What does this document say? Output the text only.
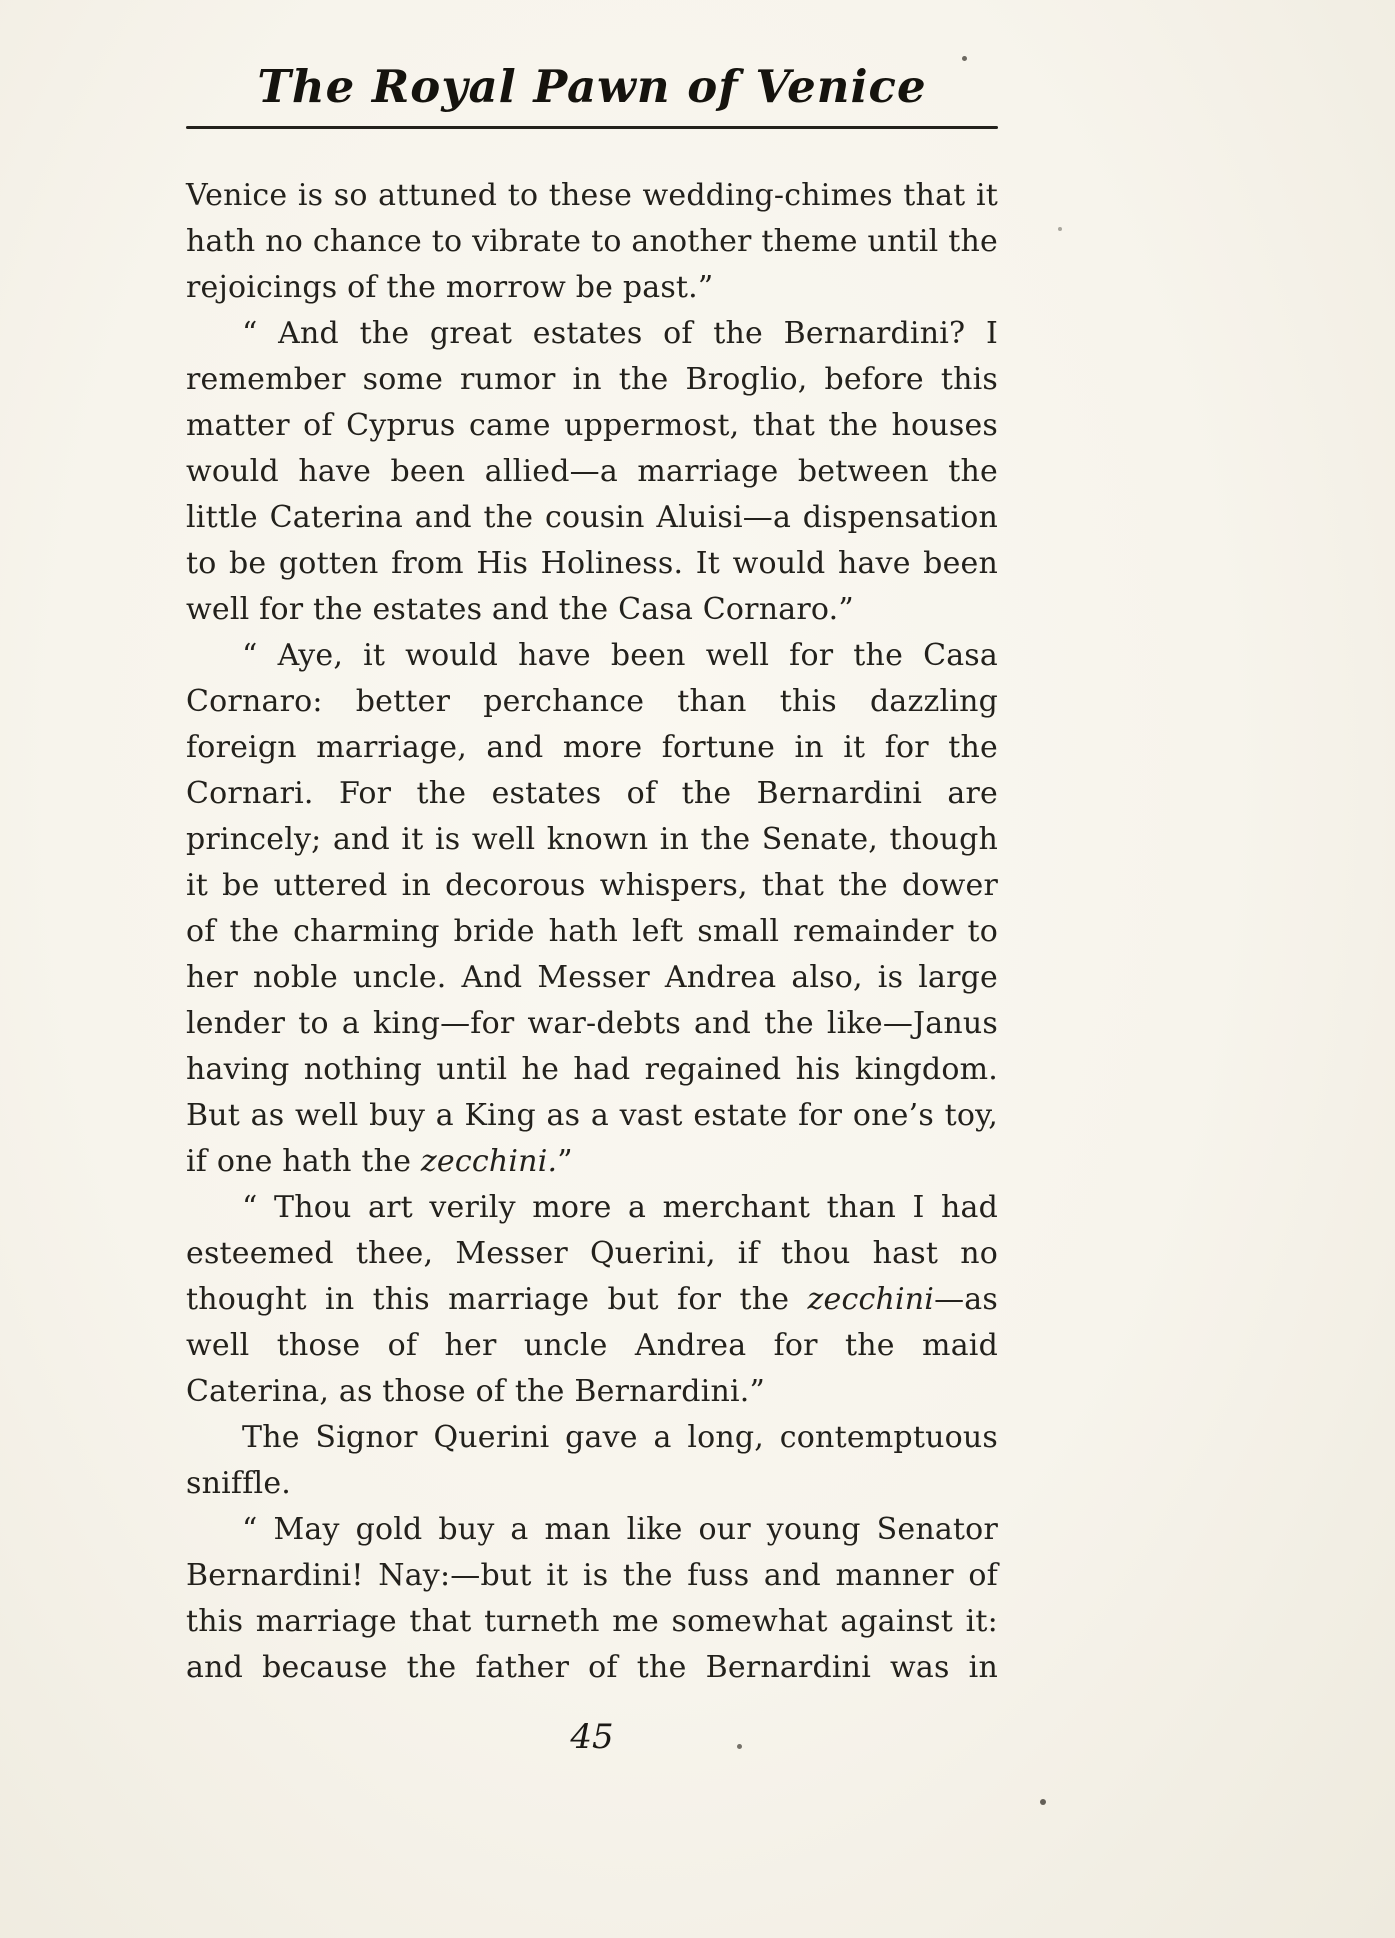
The Royal Pawn of Venice

Venice is so attuned to these wedding-chimes that it hath no chance to vibrate to another theme until the rejoicings of the morrow be past.”

“ And the great estates of the Bernardini? I remember some rumor in the Broglio, before this matter of Cyprus came uppermost, that the houses would have been allied—a marriage between the little Caterina and the cousin Aluisi—a dispensation to be gotten from His Holiness. It would have been well for the estates and the Casa Cornaro.”

“ Aye, it would have been well for the Casa Cornaro: better perchance than this dazzling foreign marriage, and more fortune in it for the Cornari. For the estates of the Bernardini are princely; and it is well known in the Senate, though it be uttered in decorous whispers, that the dower of the charming bride hath left small remainder to her noble uncle. And Messer Andrea also, is large lender to a king—for war-debts and the like—Janus having nothing until he had regained his kingdom. But as well buy a King as a vast estate for one’s toy, if one hath the zecchini.”

“ Thou art verily more a merchant than I had esteemed thee, Messer Querini, if thou hast no thought in this marriage but for the zecchini—as well those of her uncle Andrea for the maid Caterina, as those of the Bernardini.”

The Signor Querini gave a long, contemptuous sniffle.

“ May gold buy a man like our young Senator Bernardini! Nay:—but it is the fuss and manner of this marriage that turneth me somewhat against it: and because the father of the Bernardini was in

45
